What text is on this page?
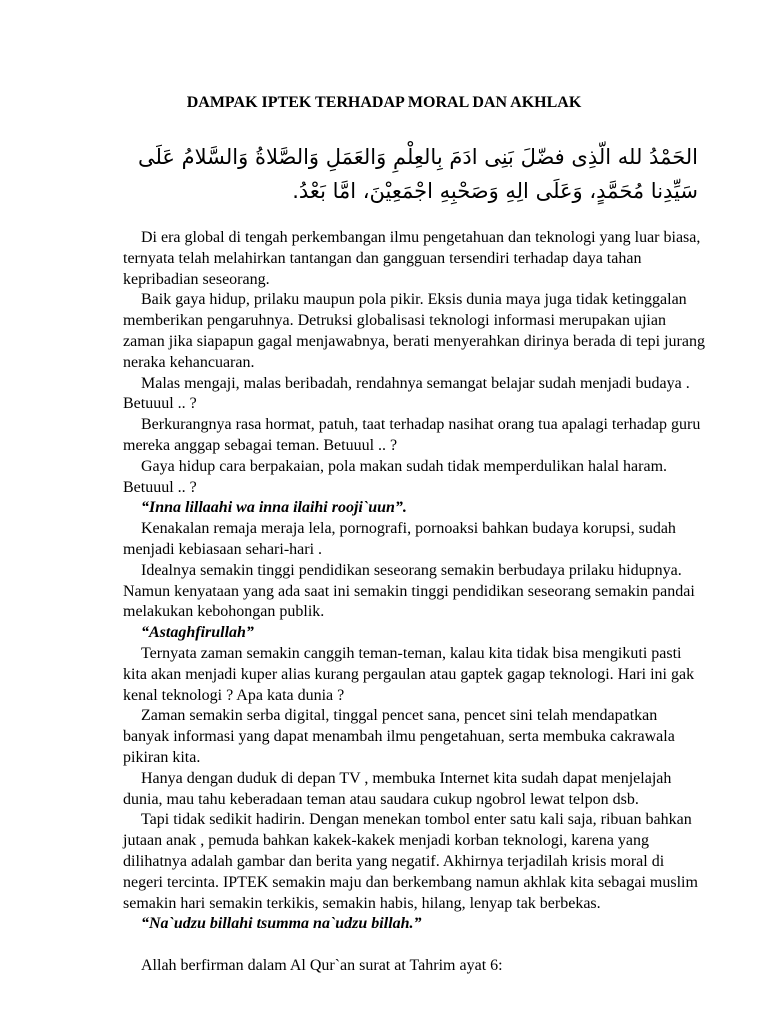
DAMPAK IPTEK TERHADAP MORAL DAN AKHLAK
الحَمْدُ لله الّذِى فضّلَ بَنِى ادَمَ بِالعِلْمِ وَالعَمَلِ وَالصَّلاةُ وَالسَّلامُ عَلَى سَيِّدِنا مُحَمَّدٍ، وَعَلَى الِهِ وَصَحْبِهِ اجْمَعِيْنَ، امَّا بَعْدُ.

Di era global di tengah perkembangan ilmu pengetahuan dan teknologi yang luar biasa, ternyata telah melahirkan tantangan dan gangguan tersendiri terhadap daya tahan kepribadian seseorang.

Baik gaya hidup, prilaku maupun pola pikir. Eksis dunia maya juga tidak ketinggalan memberikan pengaruhnya. Detruksi globalisasi teknologi informasi merupakan ujian zaman jika siapapun gagal menjawabnya, berati menyerahkan dirinya berada di tepi jurang neraka kehancuaran.

Malas mengaji, malas beribadah, rendahnya semangat belajar sudah menjadi budaya . Betuuul .. ?

Berkurangnya rasa hormat, patuh, taat terhadap nasihat orang tua apalagi terhadap guru mereka anggap sebagai teman. Betuuul .. ?

Gaya hidup cara berpakaian, pola makan sudah tidak memperdulikan halal haram. Betuuul .. ?

“Inna lillaahi wa inna ilaihi rooji`uun”.

Kenakalan remaja meraja lela, pornografi, pornoaksi bahkan budaya korupsi, sudah menjadi kebiasaan sehari-hari .

Idealnya semakin tinggi pendidikan seseorang semakin berbudaya prilaku hidupnya. Namun kenyataan yang ada saat ini semakin tinggi pendidikan seseorang semakin pandai melakukan kebohongan publik.

“Astaghfirullah”

Ternyata zaman semakin canggih teman-teman, kalau kita tidak bisa mengikuti pasti kita akan menjadi kuper alias kurang pergaulan atau gaptek gagap teknologi. Hari ini gak kenal teknologi ? Apa kata dunia ?

Zaman semakin serba digital, tinggal pencet sana, pencet sini telah mendapatkan banyak informasi yang dapat menambah ilmu pengetahuan, serta membuka cakrawala pikiran kita.

Hanya dengan duduk di depan TV , membuka Internet kita sudah dapat menjelajah dunia, mau tahu keberadaan teman atau saudara cukup ngobrol lewat telpon dsb.

Tapi tidak sedikit hadirin. Dengan menekan tombol enter satu kali saja, ribuan bahkan jutaan anak , pemuda bahkan kakek-kakek menjadi korban teknologi, karena yang dilihatnya adalah gambar dan berita yang negatif. Akhirnya terjadilah krisis moral di negeri tercinta. IPTEK semakin maju dan berkembang namun akhlak kita sebagai muslim semakin hari semakin terkikis, semakin habis, hilang, lenyap tak berbekas.

“Na`udzu billahi tsumma na`udzu billah.”

Allah berfirman dalam Al Qur`an surat at Tahrim ayat 6:
